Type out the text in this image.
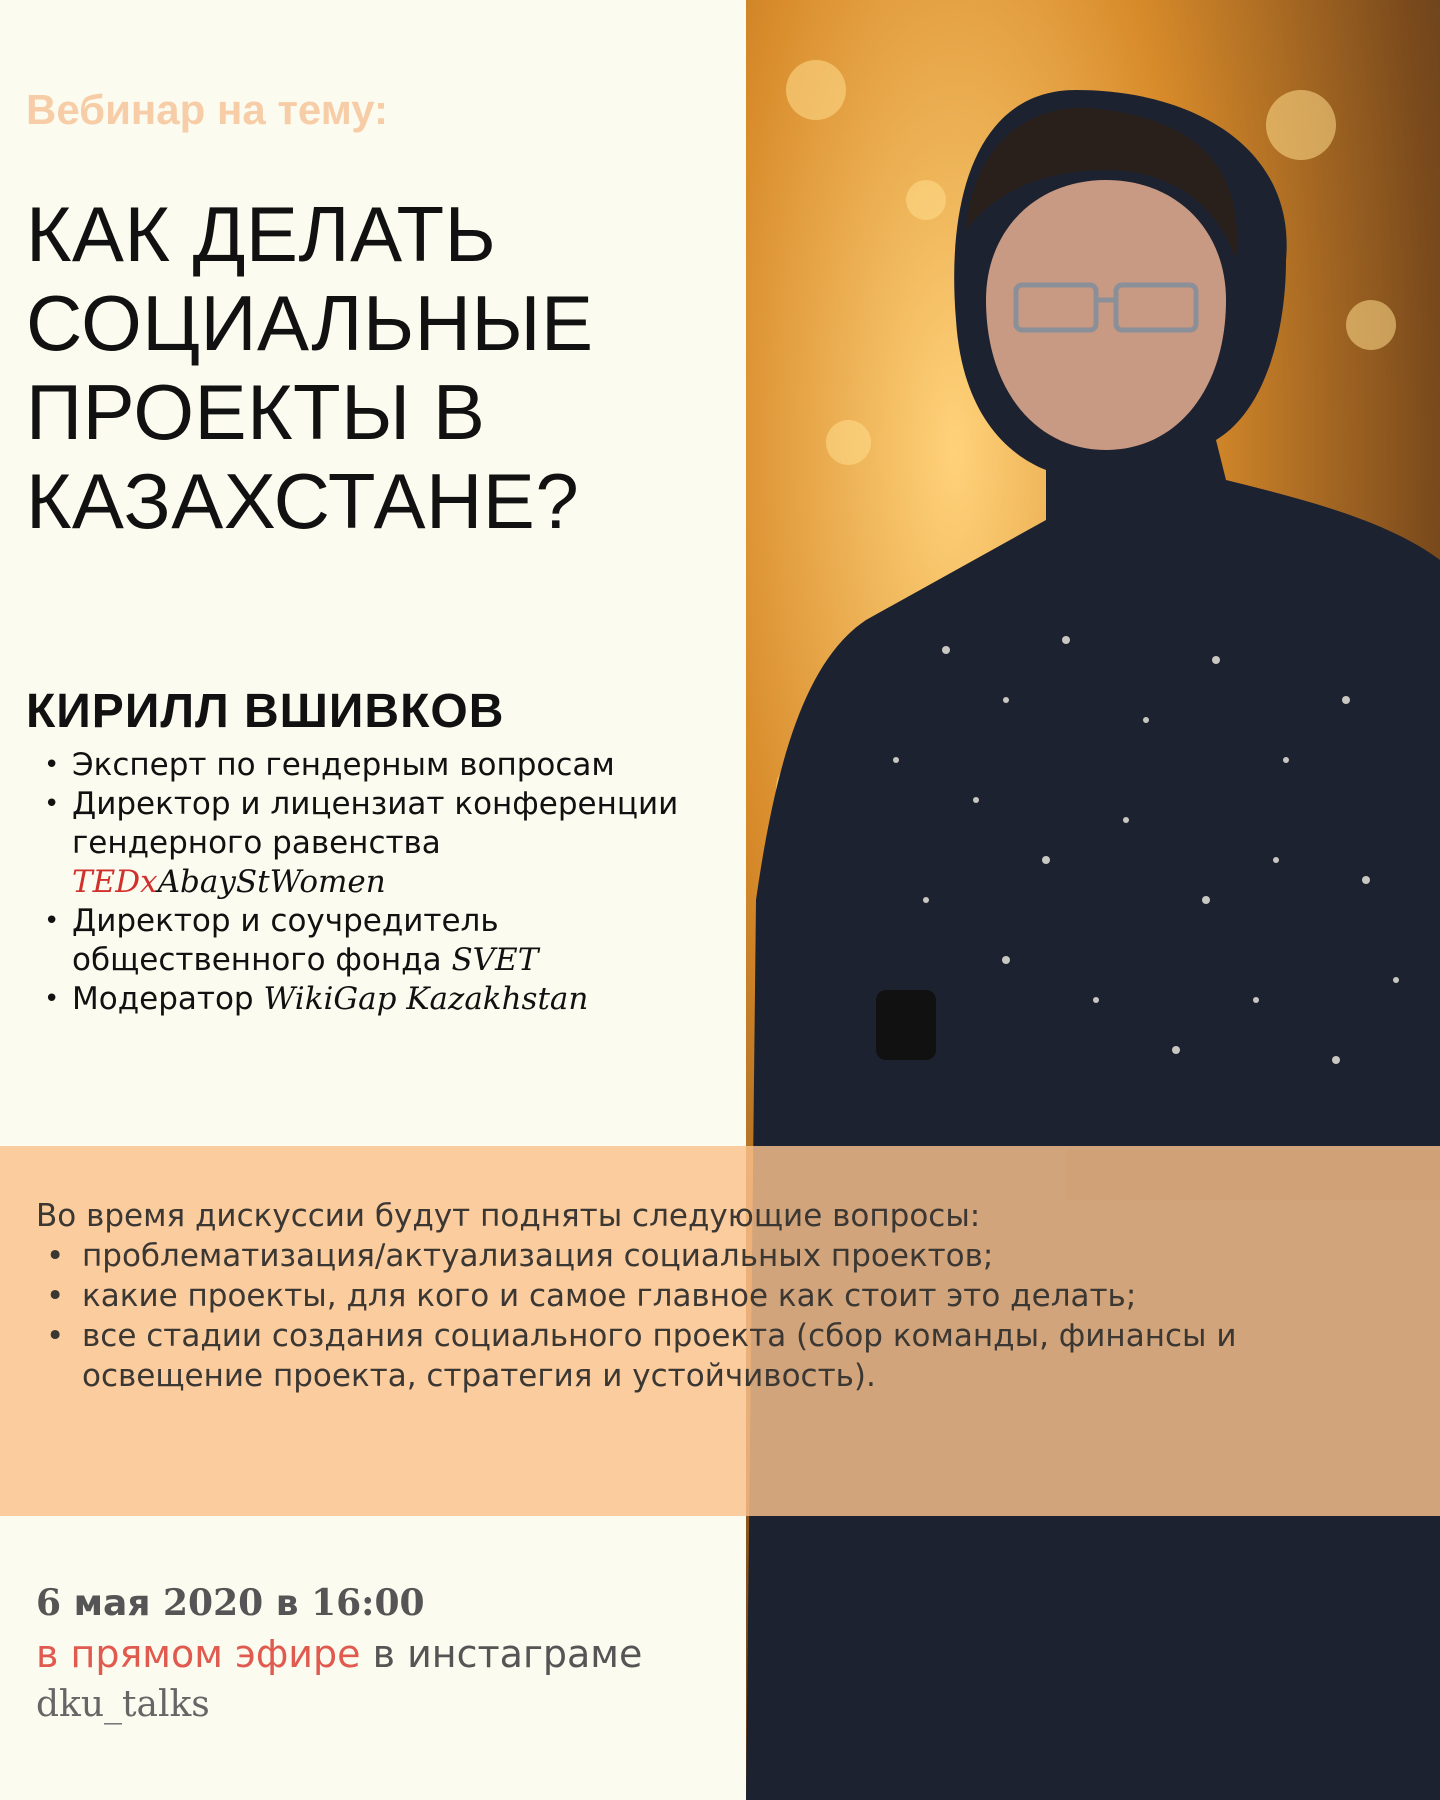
Вебинар на тему:
КАК ДЕЛАТЬ
СОЦИАЛЬНЫЕ
ПРОЕКТЫ В
КАЗАХСТАНЕ?
КИРИЛЛ ВШИВКОВ
• Эксперт по гендерным вопросам
• Директор и лицензиат конференции гендерного равенства
TEDxAbayStWomen
• Директор и соучредитель общественного фонда SVET
• Модератор WikiGap Kazakhstan
Во время дискуссии будут подняты следующие вопросы:
• проблематизация/актуализация социальных проектов;
• какие проекты, для кого и самое главное как стоит это делать;
• все стадии создания социального проекта (сбор команды, финансы и освещение проекта, стратегия и устойчивость).
6 мая 2020 в 16:00
в прямом эфире в инстаграме
dku_talks
